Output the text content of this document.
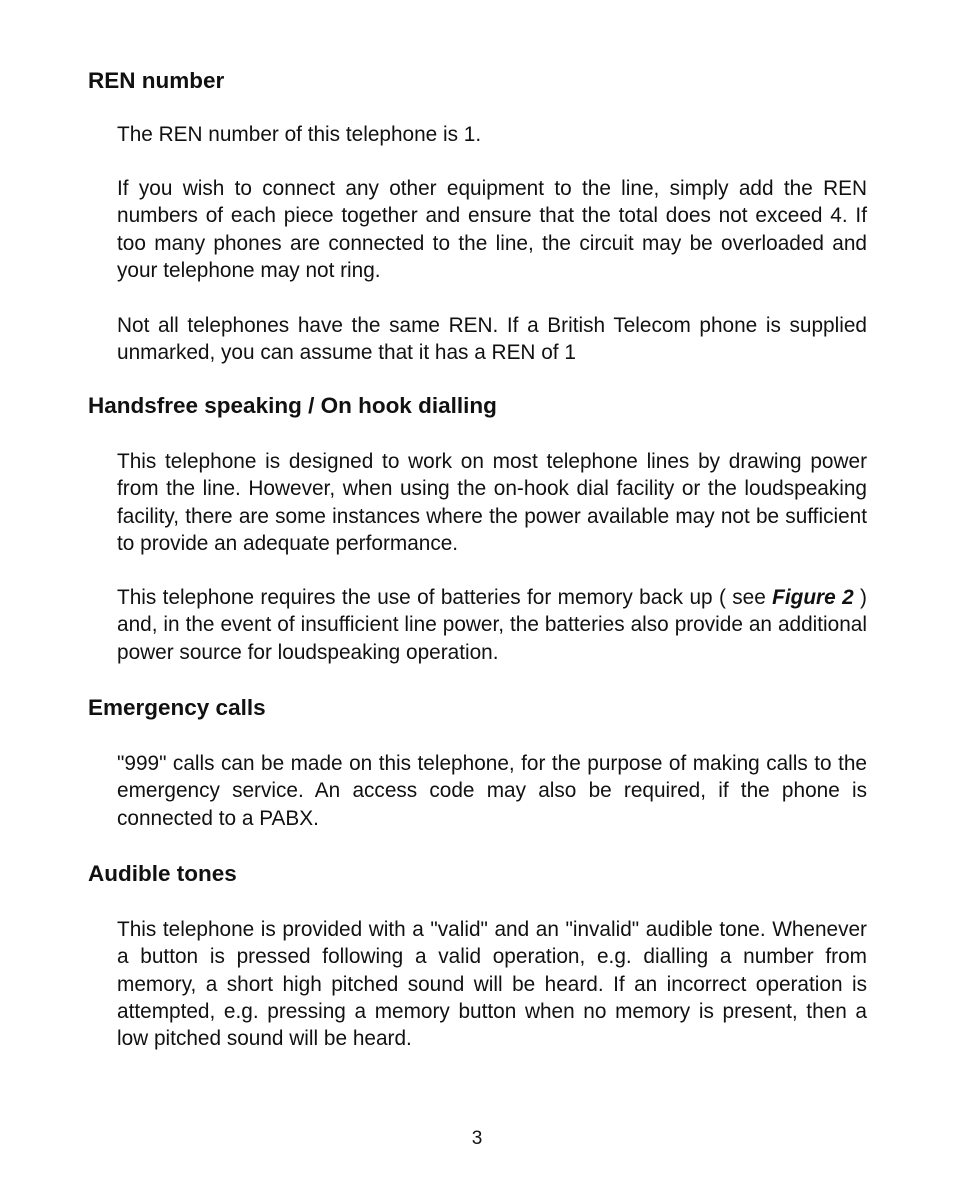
REN number

The REN number of this telephone is 1.

If you wish to connect any other equipment to the line, simply add the REN numbers of each piece together and ensure that the total does not exceed 4. If too many phones are connected to the line, the circuit may be overloaded and your telephone may not ring.

Not all telephones have the same REN. If a British Telecom phone is supplied unmarked, you can assume that it has a REN of 1

Handsfree speaking / On hook dialling

This telephone is designed to work on most telephone lines by drawing power from the line. However, when using the on-hook dial facility or the loudspeaking facility, there are some instances where the power available may not be sufficient to provide an adequate performance.

This telephone requires the use of batteries for memory back up ( see Figure 2 ) and, in the event of insufficient line power, the batteries also provide an additional power source for loudspeaking operation.

Emergency calls

"999" calls can be made on this telephone, for the purpose of making calls to the emergency service. An access code may also be required, if the phone is connected to a PABX.

Audible tones

This telephone is provided with a "valid" and an "invalid" audible tone. Whenever a button is pressed following a valid operation, e.g. dialling a number from memory, a short high pitched sound will be heard. If an incorrect operation is attempted, e.g. pressing a memory button when no memory is present, then a low pitched sound will be heard.

3
